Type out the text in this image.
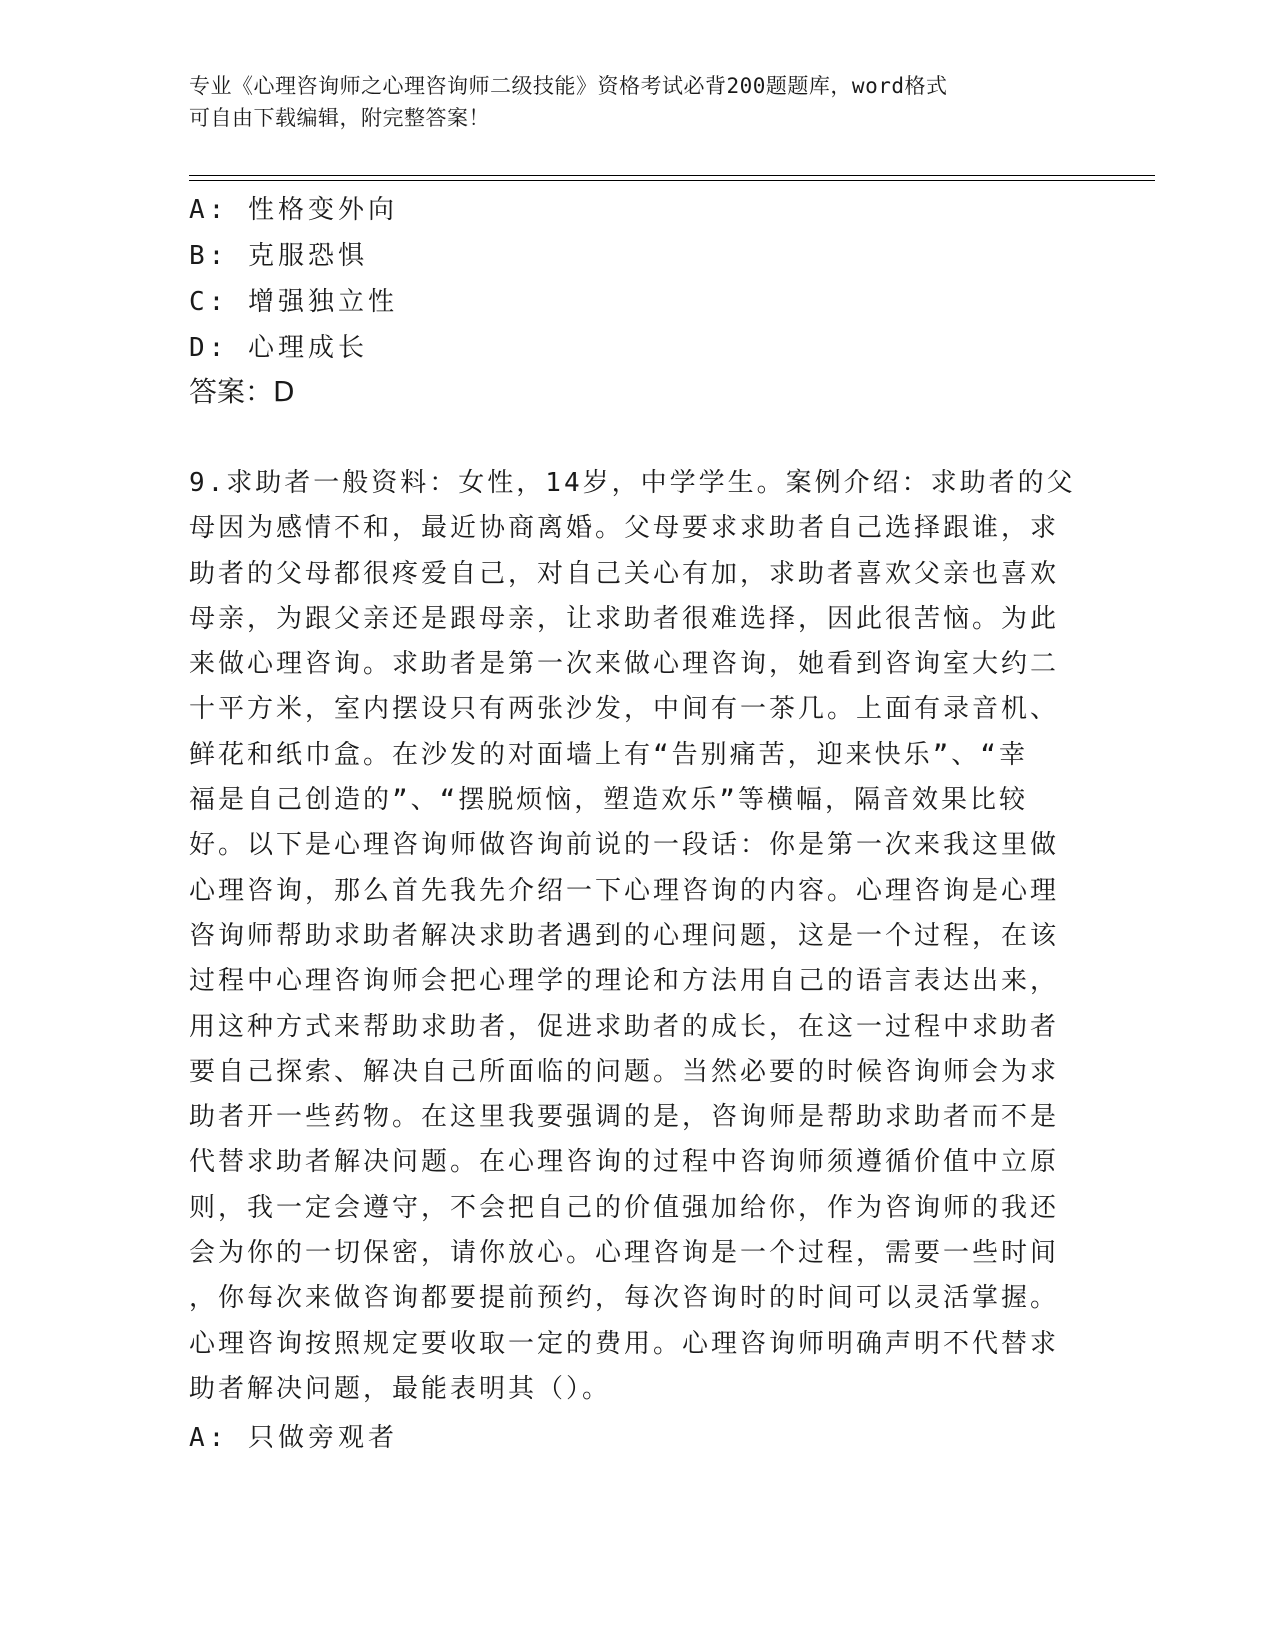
专业《心理咨询师之心理咨询师二级技能》资格考试必背200题题库，word格式
可自由下载编辑，附完整答案！
A: 性格变外向
B: 克服恐惧
C: 增强独立性
D: 心理成长
答案：D
9.求助者一般资料：女性，14岁，中学学生。案例介绍：求助者的父
母因为感情不和，最近协商离婚。父母要求求助者自己选择跟谁，求
助者的父母都很疼爱自己，对自己关心有加，求助者喜欢父亲也喜欢
母亲，为跟父亲还是跟母亲，让求助者很难选择，因此很苦恼。为此
来做心理咨询。求助者是第一次来做心理咨询，她看到咨询室大约二
十平方米，室内摆设只有两张沙发，中间有一茶几。上面有录音机、
鲜花和纸巾盒。在沙发的对面墙上有“告别痛苦，迎来快乐”、“幸
福是自己创造的”、“摆脱烦恼，塑造欢乐”等横幅，隔音效果比较
好。以下是心理咨询师做咨询前说的一段话：你是第一次来我这里做
心理咨询，那么首先我先介绍一下心理咨询的内容。心理咨询是心理
咨询师帮助求助者解决求助者遇到的心理问题，这是一个过程，在该
过程中心理咨询师会把心理学的理论和方法用自己的语言表达出来，
用这种方式来帮助求助者，促进求助者的成长，在这一过程中求助者
要自己探索、解决自己所面临的问题。当然必要的时候咨询师会为求
助者开一些药物。在这里我要强调的是，咨询师是帮助求助者而不是
代替求助者解决问题。在心理咨询的过程中咨询师须遵循价值中立原
则，我一定会遵守，不会把自己的价值强加给你，作为咨询师的我还
会为你的一切保密，请你放心。心理咨询是一个过程，需要一些时间
，你每次来做咨询都要提前预约，每次咨询时的时间可以灵活掌握。
心理咨询按照规定要收取一定的费用。心理咨询师明确声明不代替求
助者解决问题，最能表明其（）。
A: 只做旁观者
